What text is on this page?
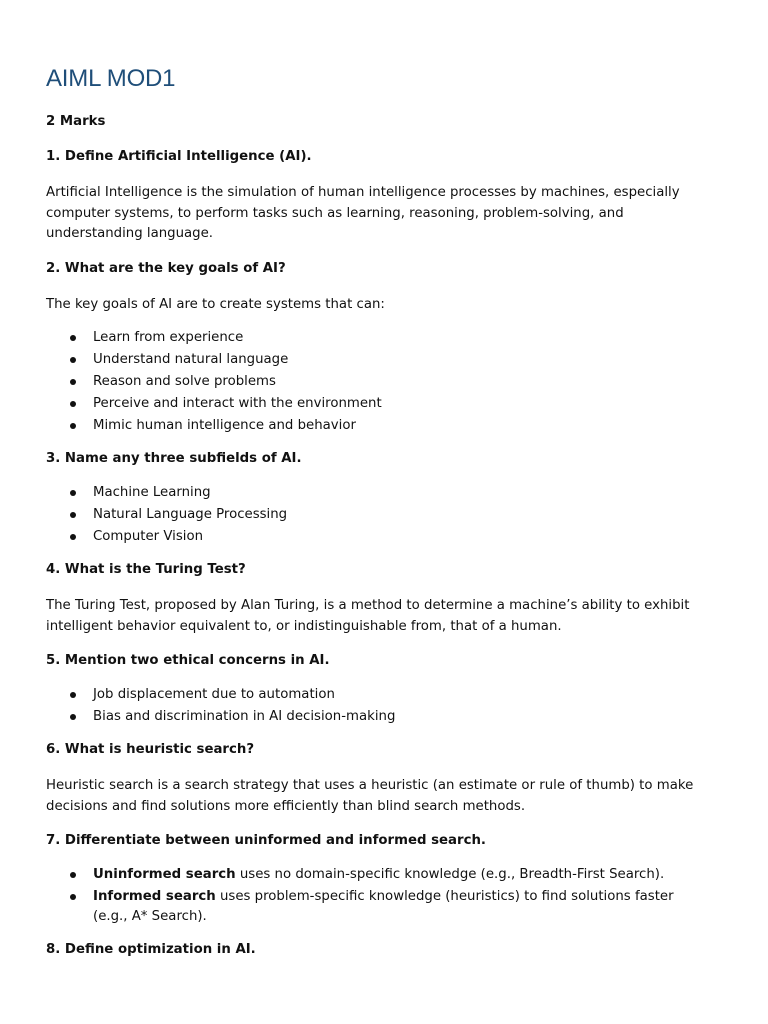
AIML MOD1
2 Marks
1. Define Artificial Intelligence (AI).
Artificial Intelligence is the simulation of human intelligence processes by machines, especially computer systems, to perform tasks such as learning, reasoning, problem-solving, and understanding language.
2. What are the key goals of AI?
The key goals of AI are to create systems that can:
Learn from experience
Understand natural language
Reason and solve problems
Perceive and interact with the environment
Mimic human intelligence and behavior
3. Name any three subfields of AI.
Machine Learning
Natural Language Processing
Computer Vision
4. What is the Turing Test?
The Turing Test, proposed by Alan Turing, is a method to determine a machine’s ability to exhibit intelligent behavior equivalent to, or indistinguishable from, that of a human.
5. Mention two ethical concerns in AI.
Job displacement due to automation
Bias and discrimination in AI decision-making
6. What is heuristic search?
Heuristic search is a search strategy that uses a heuristic (an estimate or rule of thumb) to make decisions and find solutions more efficiently than blind search methods.
7. Differentiate between uninformed and informed search.
Uninformed search uses no domain-specific knowledge (e.g., Breadth-First Search).
Informed search uses problem-specific knowledge (heuristics) to find solutions faster (e.g., A* Search).
8. Define optimization in AI.
